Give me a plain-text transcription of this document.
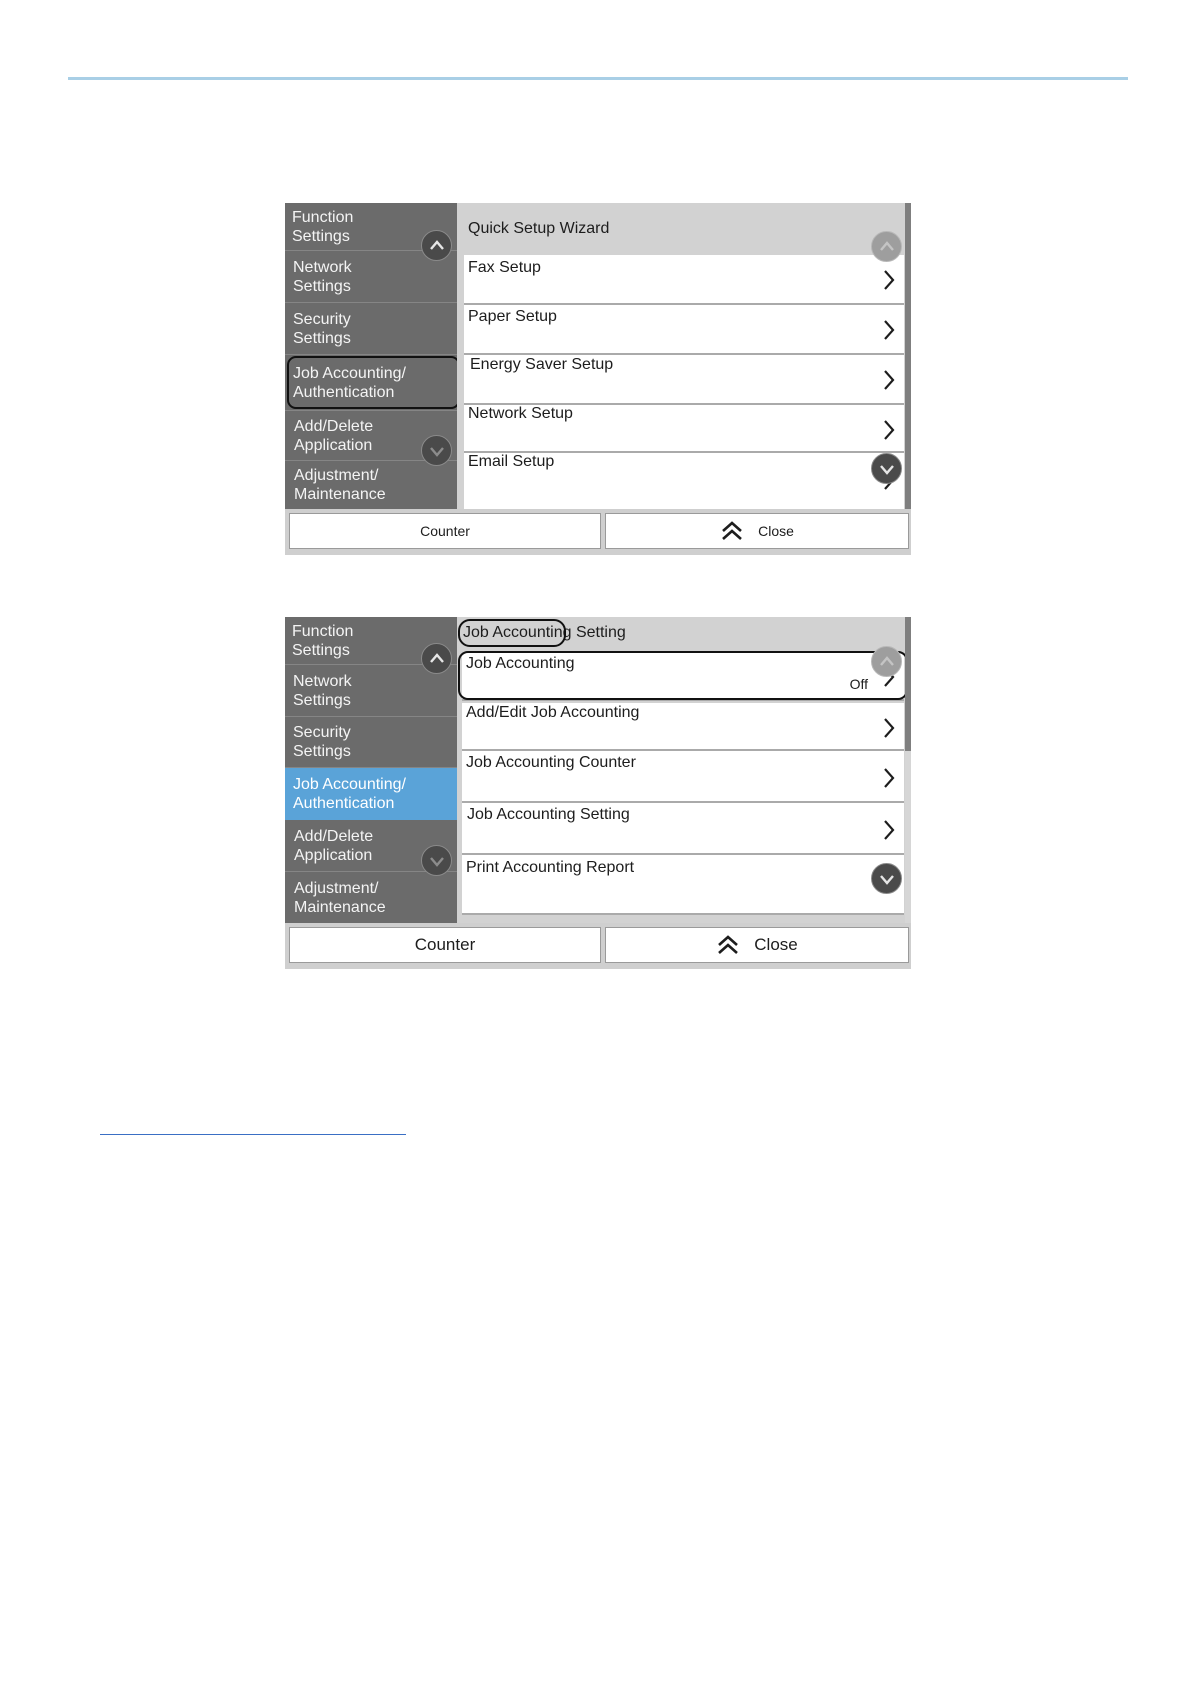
Function
Settings
Network
Settings
Security
Settings
Job Accounting/
Authentication
Add/Delete
Application
Adjustment/
Maintenance
Quick Setup Wizard
Fax Setup
Paper Setup
Energy Saver Setup
Network Setup
Email Setup
Counter	Close
Function
Settings
Network
Settings
Security
Settings
Job Accounting/
Authentication
Add/Delete
Application
Adjustment/
Maintenance
Job Accounting Setting
Job Accounting
Off
Add/Edit Job Accounting
Job Accounting Counter
Job Accounting Setting
Print Accounting Report
Counter	Close
